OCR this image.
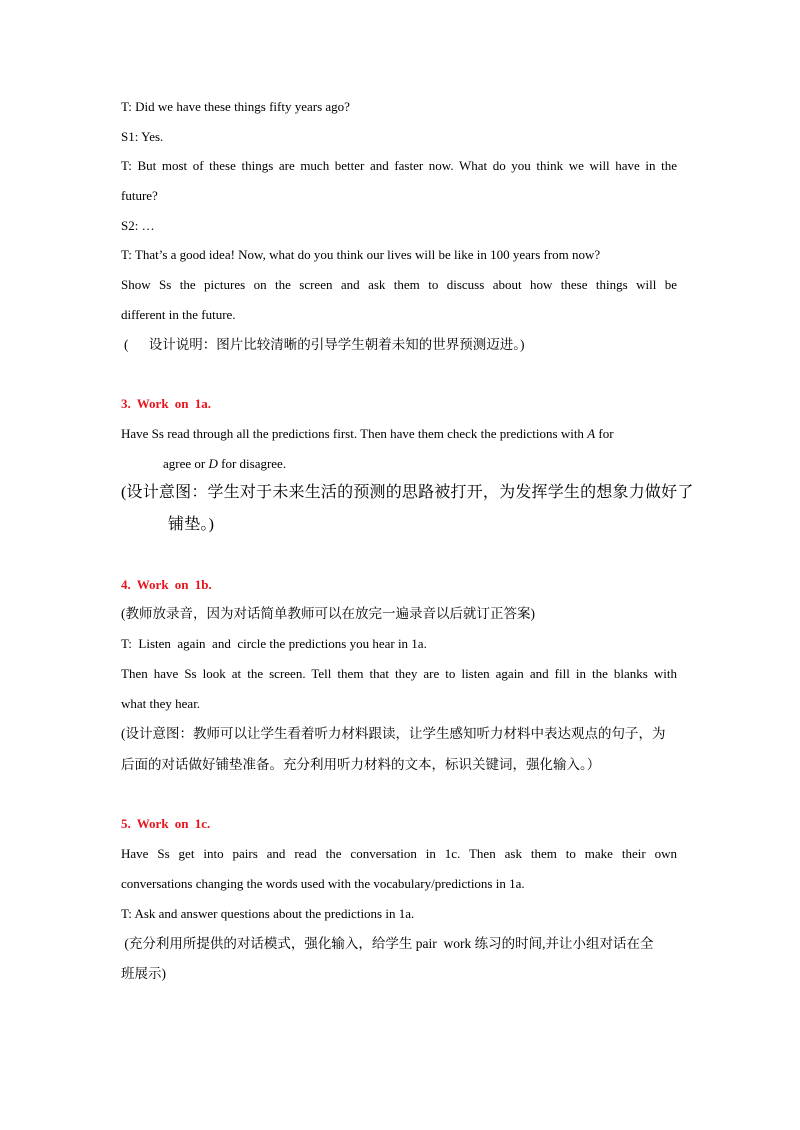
T: Did we have these things fifty years ago?
S1: Yes.
T: But most of these things are much better and faster now. What do you think we will have in the
future?
S2: …
T: That’s a good idea! Now, what do you think our lives will be like in 100 years from now?
Show Ss the pictures on the screen and ask them to discuss about how these things will be
different in the future.
(      设计说明：图片比较清晰的引导学生朝着未知的世界预测迈进。)
3. Work on 1a.
Have Ss read through all the predictions first. Then have them check the predictions with A for
agree or D for disagree.
(设计意图：学生对于未来生活的预测的思路被打开，为发挥学生的想象力做好了
铺垫。)
4. Work on 1b.
(教师放录音，因为对话简单教师可以在放完一遍录音以后就订正答案)
T:  Listen  again  and  circle the predictions you hear in 1a.
Then have Ss look at the screen. Tell them that they are to listen again and fill in the blanks with
what they hear.
(设计意图：教师可以让学生看着听力材料跟读，让学生感知听力材料中表达观点的句子，为
后面的对话做好铺垫准备。充分利用听力材料的文本，标识关键词，强化输入。）
5. Work on 1c.
Have Ss get into pairs and read the conversation in 1c. Then ask them to make their own
conversations changing the words used with the vocabulary/predictions in 1a.
T: Ask and answer questions about the predictions in 1a.
(充分利用所提供的对话模式，强化输入，给学生 pair  work 练习的时间,并让小组对话在全
班展示)
